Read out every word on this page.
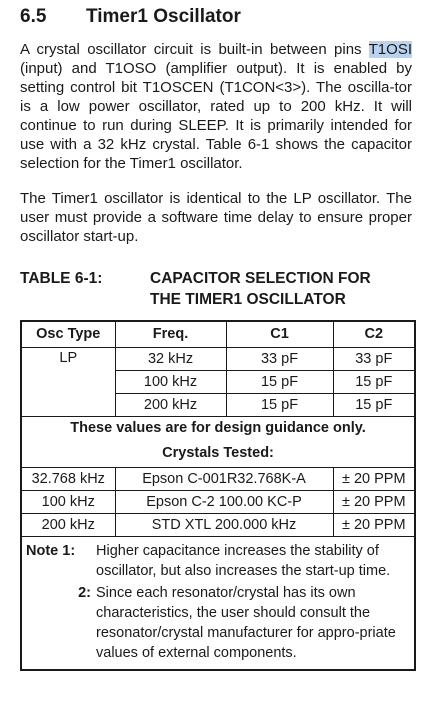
6.5 Timer1 Oscillator
A crystal oscillator circuit is built-in between pins T1OSI (input) and T1OSO (amplifier output). It is enabled by setting control bit T1OSCEN (T1CON<3>). The oscilla-tor is a low power oscillator, rated up to 200 kHz. It will continue to run during SLEEP. It is primarily intended for use with a 32 kHz crystal. Table 6-1 shows the capacitor selection for the Timer1 oscillator.
The Timer1 oscillator is identical to the LP oscillator. The user must provide a software time delay to ensure proper oscillator start-up.
TABLE 6-1:	CAPACITOR SELECTION FOR
THE TIMER1 OSCILLATOR
Osc Type	Freq.	C1	C2
LP	32 kHz	33 pF	33 pF
	100 kHz	15 pF	15 pF
	200 kHz	15 pF	15 pF
These values are for design guidance only.			
Crystals Tested:			
32.768 kHz	Epson C-001R32.768K-A		± 20 PPM
100 kHz	Epson C-2 100.00 KC-P		± 20 PPM
200 kHz	STD XTL 200.000 kHz		± 20 PPM

Note 1: Higher capacitance increases the stability of oscillator, but also increases the start-up time.
2: Since each resonator/crystal has its own characteristics, the user should consult the resonator/crystal manufacturer for appro-priate values of external components.			
